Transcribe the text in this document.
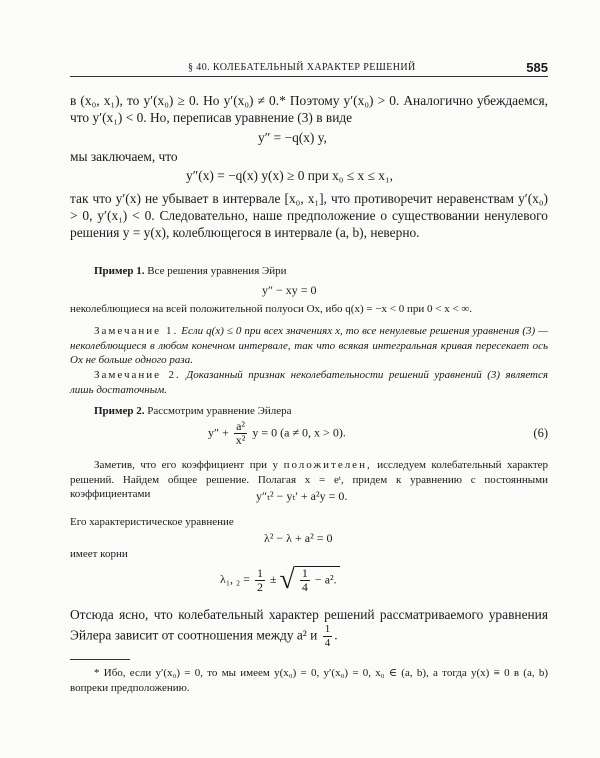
§ 40. КОЛЕБАТЕЛЬНЫЙ ХАРАКТЕР РЕШЕНИЙ	585

в (x₀, x₁), то y′(x₀) ≥ 0. Но y′(x₀) ≠ 0.* Поэтому y′(x₀) > 0. Аналогично убеждаемся, что y′(x₁) < 0. Но, переписав уравнение (3) в виде

y″ = −q(x) y,

мы заключаем, что

y″(x) = −q(x) y(x) ≥ 0 при x₀ ≤ x ≤ x₁,

так что y′(x) не убывает в интервале [x₀, x₁], что противоречит неравенствам y′(x₀) > 0, y′(x₁) < 0. Следовательно, наше предположение о существовании ненулевого решения y = y(x), колеблющегося в интервале (a, b), неверно.

Пример 1. Все решения уравнения Эйри

y″ − xy = 0

неколеблющиеся на всей положительной полуоси Ox, ибо q(x) = −x < 0 при 0 < x < ∞.

Замечание 1. Если q(x) ≤ 0 при всех значениях x, то все ненулевые решения уравнения (3) — неколеблющиеся в любом конечном интервале, так что всякая интегральная кривая пересекает ось Ox не больше одного раза.

Замечание 2. Доказанный признак неколебательности решений уравнений (3) является лишь достаточным.

Пример 2. Рассмотрим уравнение Эйлера

$y'' + \frac{\text{a²}}{\text{x²}}$ y = 0 (a ≠ 0, x > 0).	(6)

Заметив, что его коэффициент при y положителен, исследуем колебательный характер решений. Найдем общее решение. Полагая x = eᵗ, придем к уравнению с постоянными коэффициентами	y″ₜ² − yₜ′ + a²y = 0.

Его характеристическое уравнение

λ² − λ + a² = 0

имеет корни

λ₁, $_2 = \frac{1}{2}$ ± √ $\frac{1}{4} - a^2$.

Отсюда ясно, что колебательный характер решений рассматриваемого уравнения Эйлера зависит от соотношения между a² и $\frac{1}{4}$ .

* Ибо, если y′(x₀) = 0, то мы имеем y(x₀) = 0, y′(x₀) = 0, x₀ ∈ (a, b), а тогда y(x) ≡ 0 в (a, b) вопреки предположению.
